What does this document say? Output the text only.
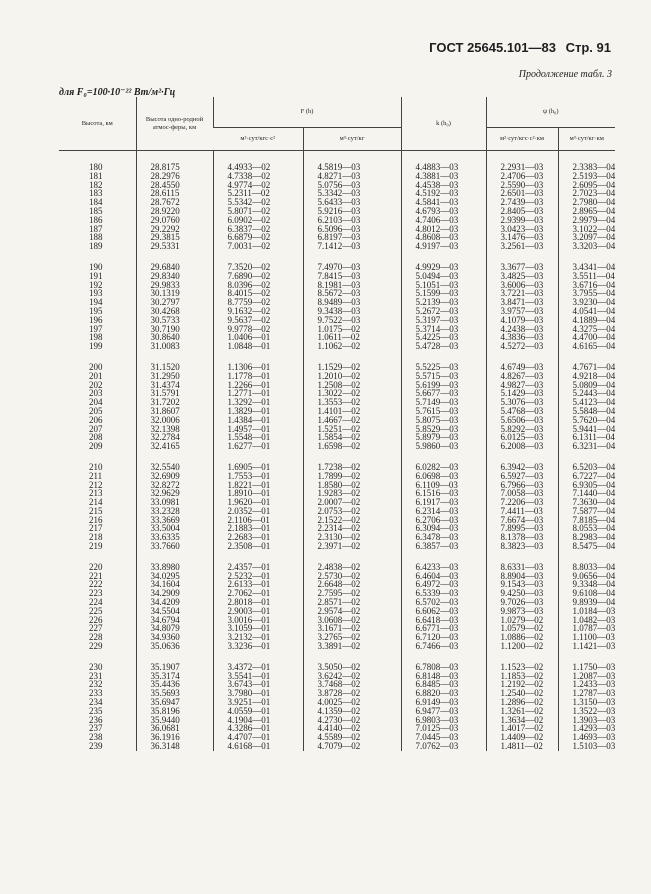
ГОСТ 25645.101—83 Стр. 91
Продолжение табл. 3
для F₀=100·10⁻²² Вт/м²·Гц
Высота, км	Высота одно-родной атмос-феры, км	F (h)		k (h₀)	ψ (h₀)	
		м²·сут/кгс·с²	м³·сут/кг		м²·сут/кгс·с²·км	м³·сут/кг·км

180	28.8175	4.4933—02	4.5819—03	4.4883—03	2.2931—03	2.3383—04
181	28.2976	4.7338—02	4.8271—03	4.3881—03	2.4706—03	2.5193—04
182	28.4550	4.9774—02	5.0756—03	4.4538—03	2.5590—03	2.6095—04
183	28.6115	5.2311—02	5.3342—03	4.5192—03	2.6501—03	2.7023—04
184	28.7672	5.5342—02	5.6433—03	4.5841—03	2.7439—03	2.7980—04
185	28.9220	5.8071—02	5.9216—03	4.6793—03	2.8405—03	2.8965—04
186	29.0760	6.0902—02	6.2103—03	4.7406—03	2.9399—03	2.9979—04
187	29.2292	6.3837—02	6.5096—03	4.8012—03	3.0423—03	3.1022—04
188	29.3815	6.6879—02	6.8197—03	4.8608—03	3.1476—03	3.2097—04
189	29.5331	7.0031—02	7.1412—03	4.9197—03	3.2561—03	3.3203—04

190	29.6840	7.3520—02	7.4970—03	4.9929—03	3.3677—03	3.4341—04
191	29.8340	7.6890—02	7.8415—03	5.0494—03	3.4825—03	3.5511—04
192	29.9833	8.0396—02	8.1981—03	5.1051—03	3.6006—03	3.6716—04
193	30.1319	8.4015—02	8.5672—03	5.1599—03	3.7221—03	3.7955—04
194	30.2797	8.7759—02	8.9489—03	5.2139—03	3.8471—03	3.9230—04
195	30.4268	9.1632—02	9.3438—03	5.2672—03	3.9757—03	4.0541—04
196	30.5733	9.5637—02	9.7522—03	5.3197—03	4.1079—03	4.1889—04
197	30.7190	9.9778—02	1.0175—02	5.3714—03	4.2438—03	4.3275—04
198	30.8640	1.0406—01	1.0611—02	5.4225—03	4.3836—03	4.4700—04
199	31.0083	1.0848—01	1.1062—02	5.4728—03	4.5272—03	4.6165—04

200	31.1520	1.1306—01	1.1529—02	5.5225—03	4.6749—03	4.7671—04
201	31.2950	1.1778—01	1.2010—02	5.5715—03	4.8267—03	4.9218—04
202	31.4374	1.2266—01	1.2508—02	5.6199—03	4.9827—03	5.0809—04
203	31.5791	1.2771—01	1.3022—02	5.6677—03	5.1429—03	5.2443—04
204	31.7202	1.3292—01	1.3553—02	5.7149—03	5.3076—03	5.4123—04
205	31.8607	1.3829—01	1.4101—02	5.7615—03	5.4768—03	5.5848—04
206	32.0006	1.4384—01	1.4667—02	5.8075—03	5.6506—03	5.7620—04
207	32.1398	1.4957—01	1.5251—02	5.8529—03	5.8292—03	5.9441—04
208	32.2784	1.5548—01	1.5854—02	5.8979—03	6.0125—03	6.1311—04
209	32.4165	1.6277—01	1.6598—02	5.9860—03	6.2008—03	6.3231—04

210	32.5540	1.6905—01	1.7238—02	6.0282—03	6.3942—03	6.5203—04
211	32.6909	1.7553—01	1.7899—02	6.0698—03	6.5927—03	6.7227—04
212	32.8272	1.8221—01	1.8580—02	6.1109—03	6.7966—03	6.9305—04
213	32.9629	1.8910—01	1.9283—02	6.1516—03	7.0058—03	7.1440—04
214	33.0981	1.9620—01	2.0007—02	6.1917—03	7.2206—03	7.3630—04
215	33.2328	2.0352—01	2.0753—02	6.2314—03	7.4411—03	7.5877—04
216	33.3669	2.1106—01	2.1522—02	6.2706—03	7.6674—03	7.8185—04
217	33.5004	2.1883—01	2.2314—02	6.3094—03	7.8995—03	8.0553—04
218	33.6335	2.2683—01	2.3130—02	6.3478—03	8.1378—03	8.2983—04
219	33.7660	2.3508—01	2.3971—02	6.3857—03	8.3823—03	8.5475—04

220	33.8980	2.4357—01	2.4838—02	6.4233—03	8.6331—03	8.8033—04
221	34.0295	2.5232—01	2.5730—02	6.4604—03	8.8904—03	9.0656—04
222	34.1604	2.6133—01	2.6648—02	6.4972—03	9.1543—03	9.3348—04
223	34.2909	2.7062—01	2.7595—02	6.5339—03	9.4250—03	9.6108—04
224	34.4209	2.8018—01	2.8571—02	6.5702—03	9.7026—03	9.8939—04
225	34.5504	2.9003—01	2.9574—02	6.6062—03	9.9873—03	1.0184—03
226	34.6794	3.0016—01	3.0608—02	6.6418—03	1.0279—02	1.0482—03
227	34.8079	3.1059—01	3.1671—02	6.6771—03	1.0579—02	1.0787—03
228	34.9360	3.2132—01	3.2765—02	6.7120—03	1.0886—02	1.1100—03
229	35.0636	3.3236—01	3.3891—02	6.7466—03	1.1200—02	1.1421—03

230	35.1907	3.4372—01	3.5050—02	6.7808—03	1.1523—02	1.1750—03
231	35.3174	3.5541—01	3.6242—02	6.8148—03	1.1853—02	1.2087—03
232	35.4436	3.6743—01	3.7468—02	6.8485—03	1.2192—02	1.2433—03
233	35.5693	3.7980—01	3.8728—02	6.8820—03	1.2540—02	1.2787—03
234	35.6947	3.9251—01	4.0025—02	6.9149—03	1.2896—02	1.3150—03
235	35.8196	4.0559—01	4.1359—02	6.9477—03	1.3261—02	1.3522—03
236	35.9440	4.1904—01	4.2730—02	6.9803—03	1.3634—02	1.3903—03
237	36.0681	4.3286—01	4.4140—02	7.0125—03	1.4017—02	1.4293—03
238	36.1916	4.4707—01	4.5589—02	7.0445—03	1.4409—02	1.4693—03
239	36.3148	4.6168—01	4.7079—02	7.0762—03	1.4811—02	1.5103—03
